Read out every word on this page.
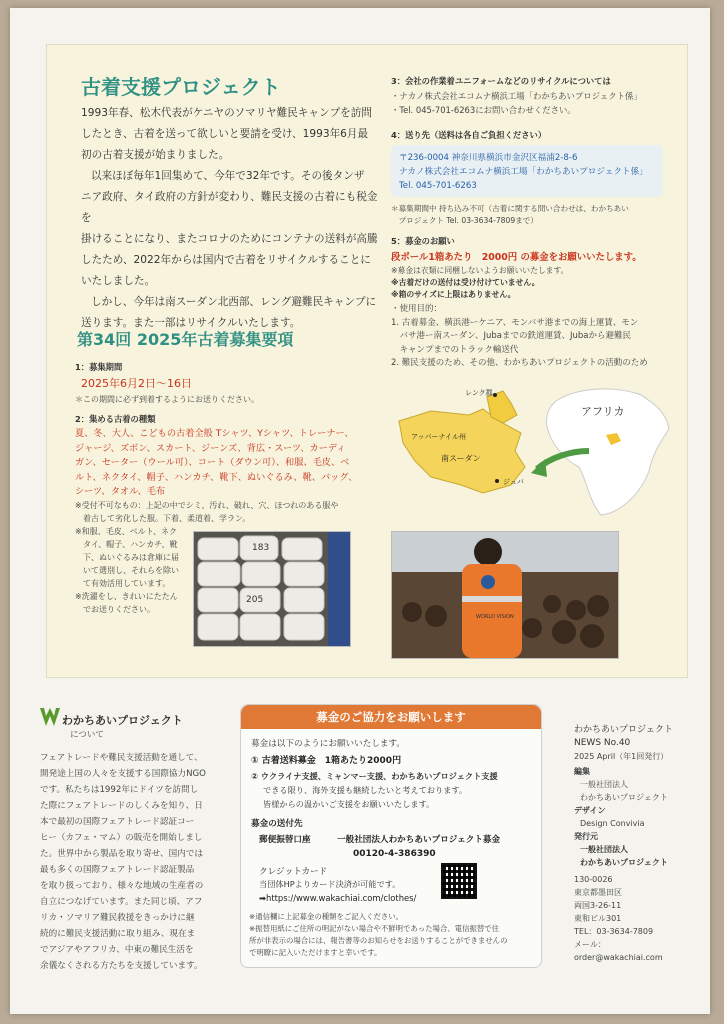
古着支援プロジェクト
1993年春、松木代表がケニヤのソマリヤ難民キャンプを訪問
したとき、古着を送って欲しいと要請を受け、1993年6月最
初の古着支援が始まりました。
以来ほぼ毎年1回集めて、今年で32年です。その後タンザ
ニア政府、タイ政府の方針が変わり、難民支援の古着にも税金を
掛けることになり、またコロナのためにコンテナの送料が高騰
したため、2022年からは国内で古着をリサイクルすることに
いたしました。
しかし、今年は南スーダン北西部、レング避難民キャンプに
送ります。また一部はリサイクルいたします。
第34回 2025年古着募集要項
1：募集期間
2025年6月2日～16日
＊この期間に必ず到着するようにお送りください。
2：集める古着の種類
夏、冬、大人、こどもの古着全般 Tシャツ、Yシャツ、トレーナー、
ジャージ、ズボン、スカート、ジーンズ、背広・スーツ、カーディ
ガン、セーター（ウール可）、コート（ダウン可）、和服、毛皮、ベ
ルト、ネクタイ、帽子、ハンカチ、靴下、ぬいぐるみ、靴、バッグ、
シーツ、タオル、毛布
※受付不可なもの：上記の中でシミ、汚れ、破れ、穴、ほつれのある服や
　着古して劣化した服。下着、柔道着、学ラン。
※和服、毛皮、ベルト、ネク
　タイ、帽子、ハンカチ、靴
　下、ぬいぐるみは倉庫に届
　いて選別し、それらを除い
　て有効活用しています。
※洗濯をし、きれいにたたん
　でお送りください。
183
205
3：会社の作業着ユニフォームなどのリサイクルについては
・ナカノ株式会社エコムナ横浜工場「わかちあいプロジェクト係」
・Tel. 045-701-6263にお問い合わせください。
4：送り先（送料は各自ご負担ください）
〒236-0004 神奈川県横浜市金沢区福浦2-8-6
ナカノ株式会社エコムナ横浜工場「わかちあいプロジェクト係」
Tel. 045-701-6263
＊募集期間中 持ち込み不可（古着に関する問い合わせは、わかちあい
　プロジェクト Tel. 03-3634-7809まで）
5：募金のお願い
段ボール1箱あたり　2000円 の募金をお願いいたします。
※募金は衣類に同梱しないようお願いいたします。
※古着だけの送付は受け付けていません。
※箱のサイズに上限はありません。
・使用目的：
1. 古着募金、横浜港ーケニア、モンバサ港までの海上運賃、モン
　バサ港ー南スーダン、Jubaまでの鉄道運賃、Jubaから避難民
　キャンプまでのトラック輸送代
2. 難民支援のため、その他、わかちあいプロジェクトの活動のため
アフリカ
レンク郡
アッパーナイル州
南スーダン
ジュバ
WORLD VISION
わかちあいプロジェクト
について
フェアトレードや難民支援活動を通して、
開発途上国の人々を支援する国際協力NGO
です。私たちは1992年にドイツを訪問し
た際にフェアトレードのしくみを知り、日
本で最初の国際フェアトレード認証コー
ヒー（カフェ・マム）の販売を開始しまし
た。世界中から製品を取り寄せ、国内では
最も多くの国際フェアトレード認証製品
を取り扱っており、様々な地域の生産者の
自立につなげています。また同じ頃、アフ
リカ・ソマリア難民救援をきっかけに継
続的に難民支援活動に取り組み、現在ま
でアジアやアフリカ、中東の難民生活を
余儀なくされる方たちを支援しています。
募金のご協力をお願いします
募金は以下のようにお願いいたします。
① 古着送料募金　1箱あたり2000円
② ウクライナ支援、ミャンマー支援、わかちあいプロジェクト支援
できる限り、海外支援も継続したいと考えております。
皆様からの温かいご支援をお願いいたします。
募金の送付先
郵便振替口座	一般社団法人わかちあいプロジェクト募金
00120-4-386390
クレジットカード
当団体HPよりカード決済が可能です。
➡https://www.wakachiai.com/clothes/
※通信欄に上記募金の種類をご記入ください。
※振替用紙にご住所の明記がない場合や不鮮明であった場合、電信振替で住
所が非表示の場合には、報告書等のお知らせをお送りすることができませんの
で明瞭に記入いただけますと幸いです。
わかちあいプロジェクト
NEWS No.40
2025 April（年1回発行）
編集
一般社団法人
わかちあいプロジェクト
デザイン
Design Convivia
発行元
一般社団法人
わかちあいプロジェクト
130-0026
東京都墨田区
両国3-26-11
東和ビル301
TEL：03-3634-7809
メール：
order@wakachiai.com
